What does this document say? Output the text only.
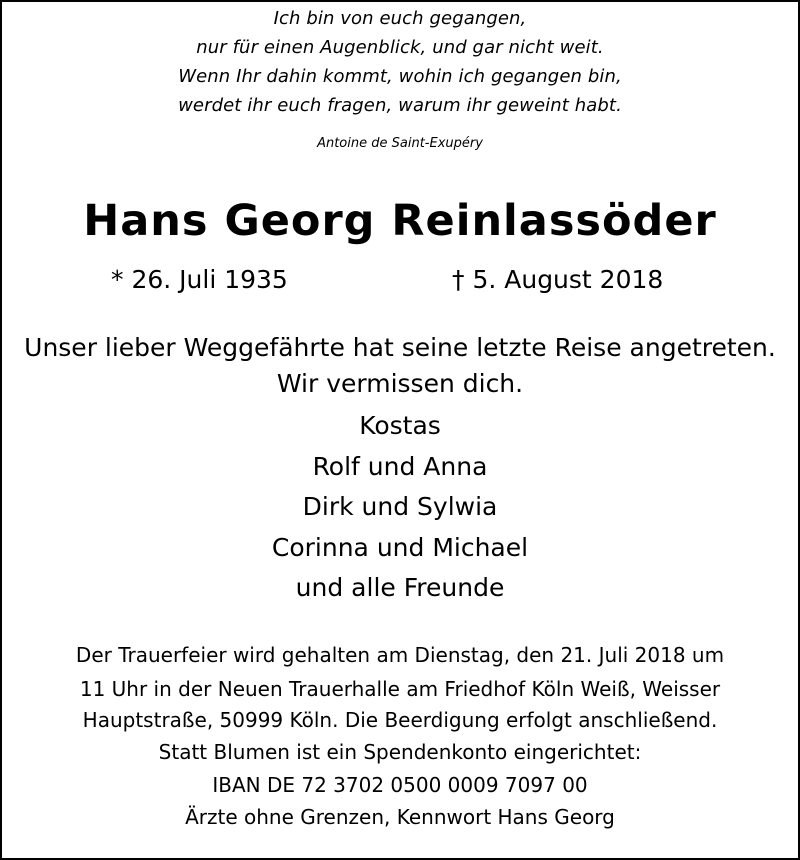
Ich bin von euch gegangen,
nur für einen Augenblick, und gar nicht weit.
Wenn Ihr dahin kommt, wohin ich gegangen bin,
werdet ihr euch fragen, warum ihr geweint habt.
Antoine de Saint-Exupéry
Hans Georg Reinlassöder
* 26. Juli 1935	† 5. August 2018
Unser lieber Weggefährte hat seine letzte Reise angetreten.
Wir vermissen dich.
Kostas
Rolf und Anna
Dirk und Sylwia
Corinna und Michael
und alle Freunde
Der Trauerfeier wird gehalten am Dienstag, den 21. Juli 2018 um
11 Uhr in der Neuen Trauerhalle am Friedhof Köln Weiß, Weisser
Hauptstraße, 50999 Köln. Die Beerdigung erfolgt anschließend.
Statt Blumen ist ein Spendenkonto eingerichtet:
IBAN DE 72 3702 0500 0009 7097 00
Ärzte ohne Grenzen, Kennwort Hans Georg
